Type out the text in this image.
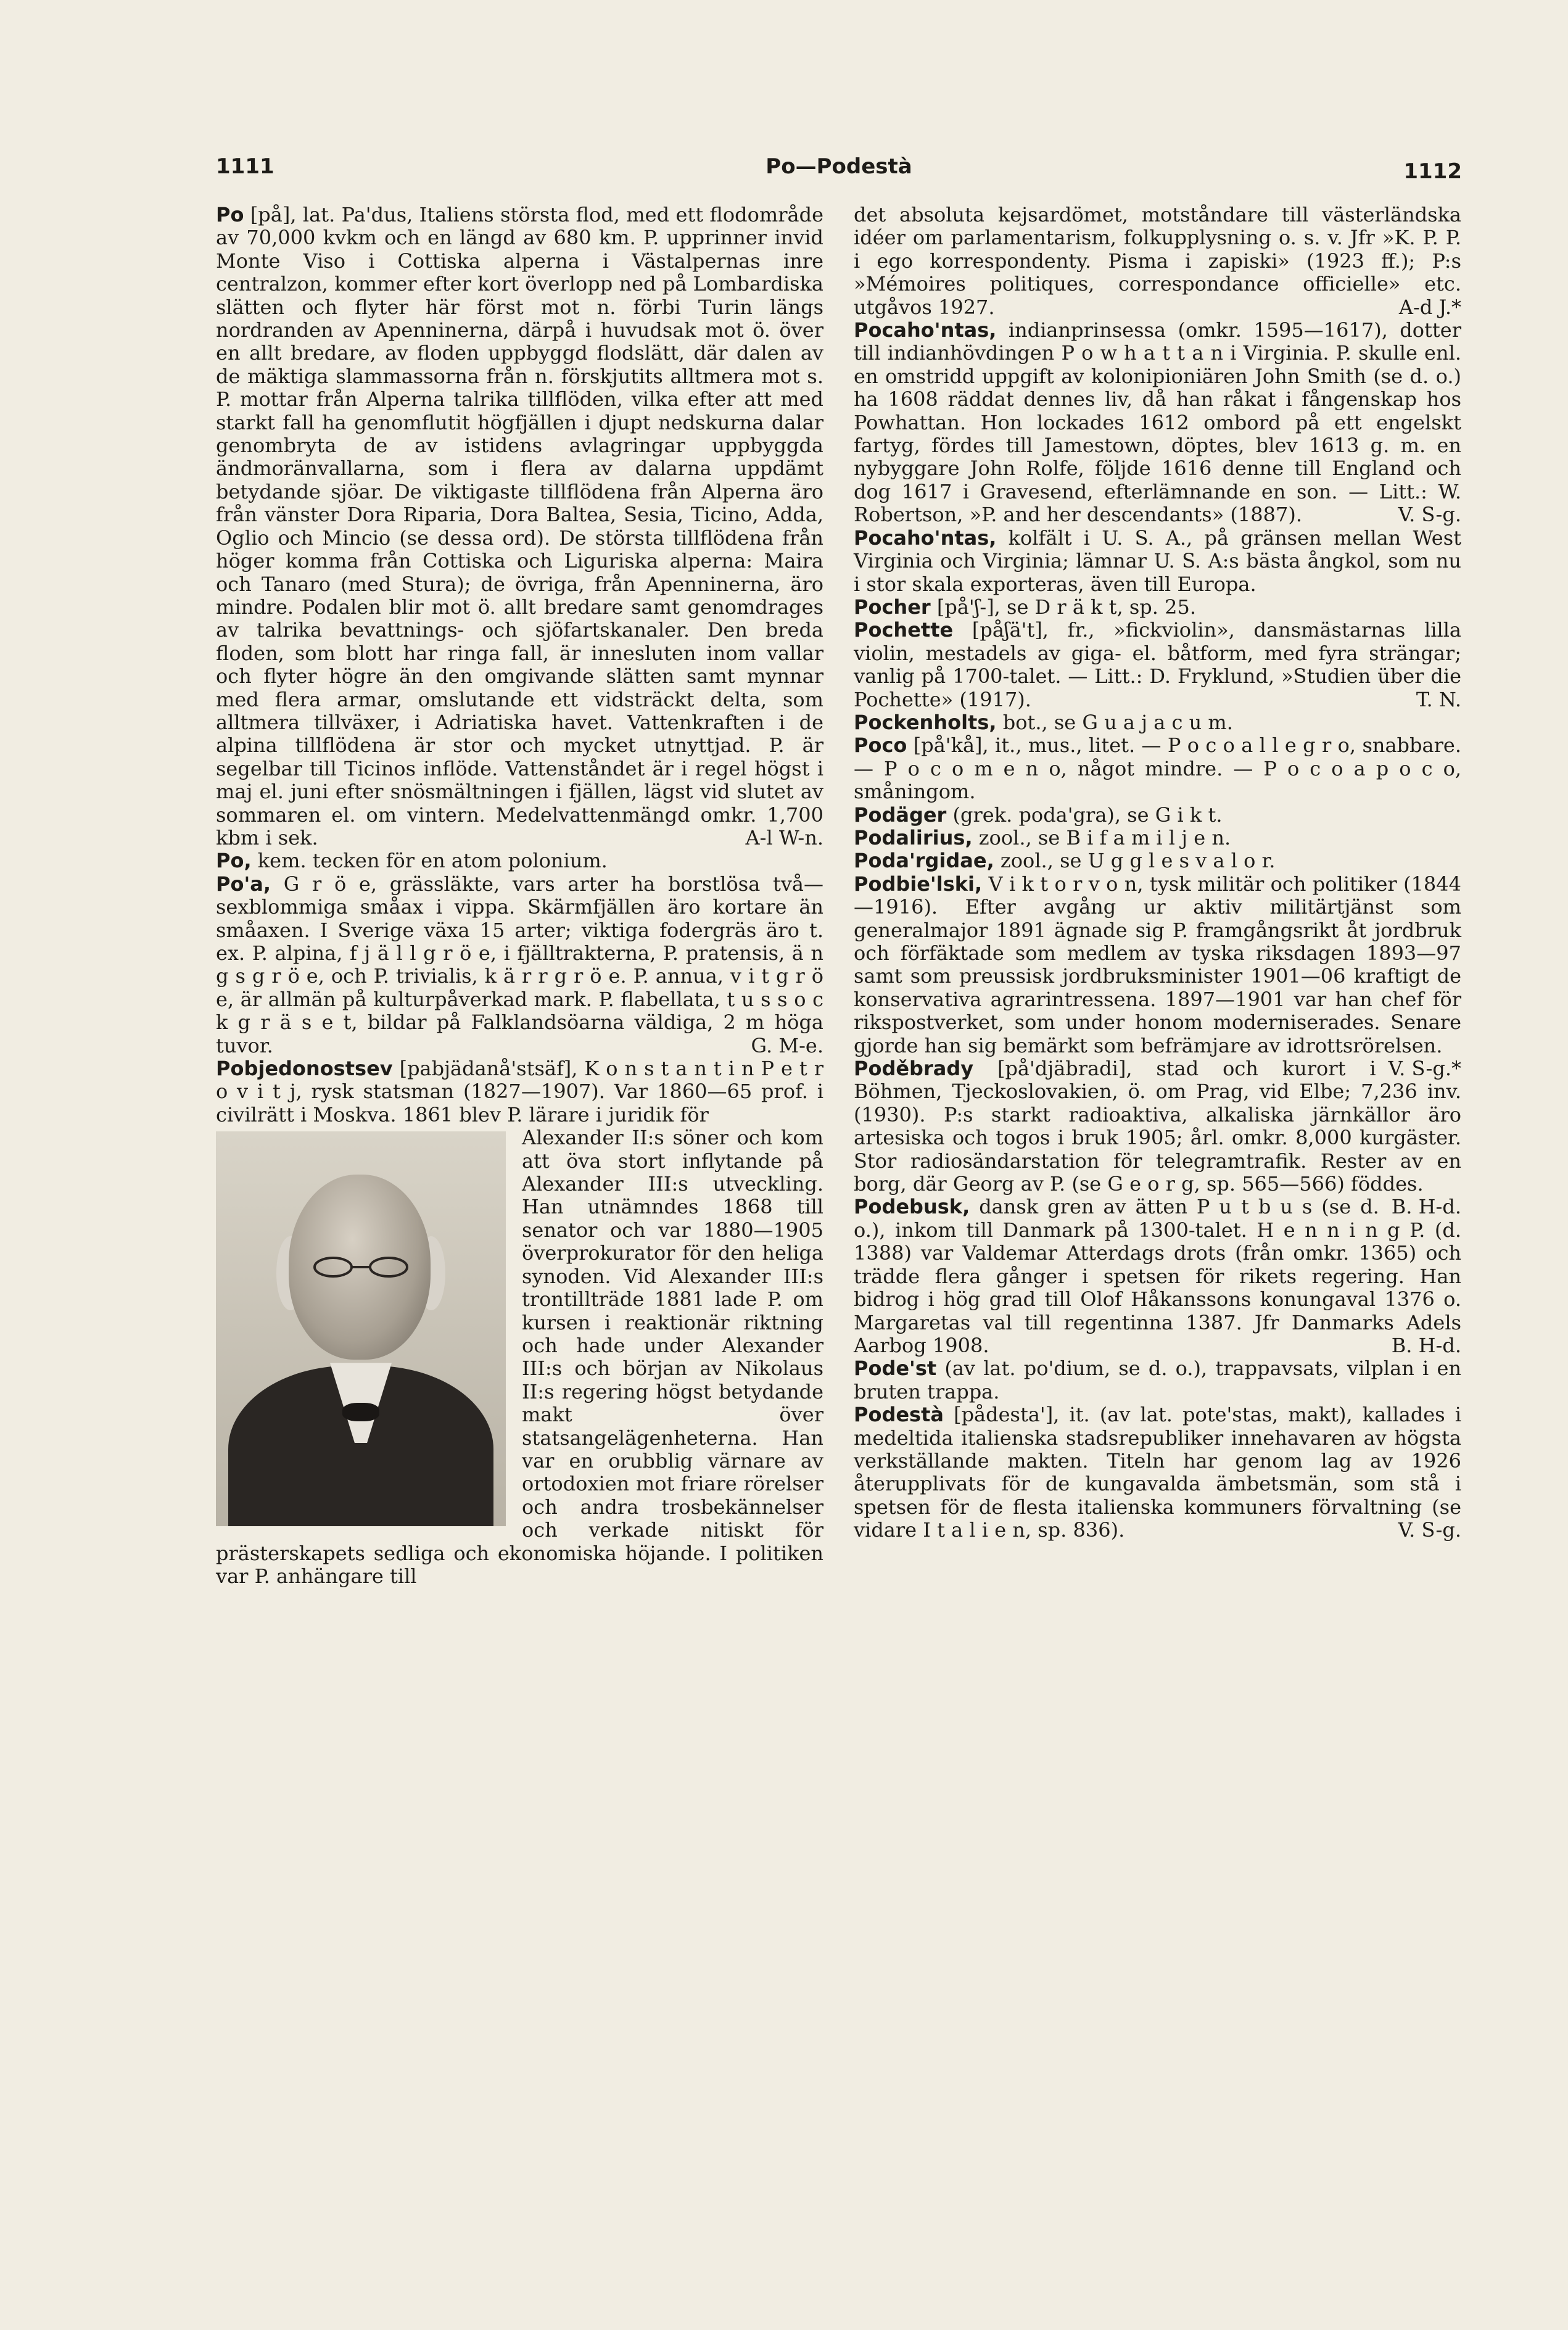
1111	Po—Podestà	1112

Po [på], lat. Pa'dus, Italiens största flod, med ett flodområde av 70,000 kvkm och en längd av 680 km. P. upprinner invid Monte Viso i Cottiska alperna i Västalpernas inre centralzon, kommer efter kort överlopp ned på Lombardiska slätten och flyter här först mot n. förbi Turin längs nordranden av Apenninerna, därpå i huvudsak mot ö. över en allt bredare, av floden uppbyggd flodslätt, där dalen av de mäktiga slammassorna från n. förskjutits alltmera mot s. P. mottar från Alperna talrika tillflöden, vilka efter att med starkt fall ha genomflutit högfjällen i djupt nedskurna dalar genombryta de av istidens avlagringar uppbyggda ändmoränvallarna, som i flera av dalarna uppdämt betydande sjöar. De viktigaste tillflödena från Alperna äro från vänster Dora Riparia, Dora Baltea, Sesia, Ticino, Adda, Oglio och Mincio (se dessa ord). De största tillflödena från höger komma från Cottiska och Liguriska alperna: Maira och Tanaro (med Stura); de övriga, från Apenninerna, äro mindre. Podalen blir mot ö. allt bredare samt genomdrages av talrika bevattnings- och sjöfartskanaler. Den breda floden, som blott har ringa fall, är innesluten inom vallar och flyter högre än den omgivande slätten samt mynnar med flera armar, omslutande ett vidsträckt delta, som alltmera tillväxer, i Adriatiska havet. Vattenkraften i de alpina tillflödena är stor och mycket utnyttjad. P. är segelbar till Ticinos inflöde. Vattenståndet är i regel högst i maj el. juni efter snösmältningen i fjällen, lägst vid slutet av sommaren el. om vintern. Medelvattenmängd omkr. 1,700 kbm i sek.	A-l W-n.

Po, kem. tecken för en atom polonium.

Po'a, G r ö e, grässläkte, vars arter ha borstlösa två—sexblommiga småax i vippa. Skärmfjällen äro kortare än småaxen. I Sverige växa 15 arter; viktiga fodergräs äro t. ex. P. alpina, f j ä l l g r ö e, i fjälltrakterna, P. pratensis, ä n g s g r ö e, och P. trivialis, k ä r r g r ö e. P. annua, v i t g r ö e, är allmän på kulturpåverkad mark. P. flabellata, t u s s o c k g r ä s e t, bildar på Falklandsöarna väldiga, 2 m höga tuvor.	G. M-e.

Pobjedonostsev [pabjädanå'stsäf], K o n s t a n t i n P e t r o v i t j, rysk statsman (1827—1907). Var 1860—65 prof. i civilrätt i Moskva. 1861 blev P. lärare i juridik för

Alexander II:s söner och kom att öva stort inflytande på Alexander III:s utveckling. Han utnämndes 1868 till senator och var 1880—1905 överprokurator för den heliga synoden. Vid Alexander III:s trontillträde 1881 lade P. om kursen i reaktionär riktning och hade under Alexander III:s och början av Nikolaus II:s regering högst betydande makt över statsangelägenheterna. Han var en orubblig värnare av ortodoxien mot friare rörelser och andra trosbekännelser och verkade nitiskt för prästerskapets sedliga och ekonomiska höjande. I politiken var P. anhängare till

det absoluta kejsardömet, motståndare till västerländska idéer om parlamentarism, folkupplysning o. s. v. Jfr »K. P. P. i ego korrespondenty. Pisma i zapiski» (1923 ff.); P:s »Mémoires politiques, correspondance officielle» etc. utgåvos 1927.	A-d J.*

Pocaho'ntas, indianprinsessa (omkr. 1595—1617), dotter till indianhövdingen P o w h a t t a n i Virginia. P. skulle enl. en omstridd uppgift av kolonipioniären John Smith (se d. o.) ha 1608 räddat dennes liv, då han råkat i fångenskap hos Powhattan. Hon lockades 1612 ombord på ett engelskt fartyg, fördes till Jamestown, döptes, blev 1613 g. m. en nybyggare John Rolfe, följde 1616 denne till England och dog 1617 i Gravesend, efterlämnande en son. — Litt.: W. Robertson, »P. and her descendants» (1887).	V. S-g.

Pocaho'ntas, kolfält i U. S. A., på gränsen mellan West Virginia och Virginia; lämnar U. S. A:s bästa ångkol, som nu i stor skala exporteras, även till Europa.

Pocher [på'ʃ-], se D r ä k t, sp. 25.

Pochette [påʃä't], fr., »fickviolin», dansmästarnas lilla violin, mestadels av giga- el. båtform, med fyra strängar; vanlig på 1700-talet. — Litt.: D. Fryklund, »Studien über die Pochette» (1917).	T. N.

Pockenholts, bot., se G u a j a c u m.

Poco [på'kå], it., mus., litet. — P o c o a l l e g r o, snabbare. — P o c o m e n o, något mindre. — P o c o a p o c o, småningom.

Podäger (grek. poda'gra), se G i k t.

Podalirius, zool., se B i f a m i l j e n.

Poda'rgidae, zool., se U g g l e s v a l o r.

Podbie'lski, V i k t o r v o n, tysk militär och politiker (1844—1916). Efter avgång ur aktiv militärtjänst som generalmajor 1891 ägnade sig P. framgångsrikt åt jordbruk och förfäktade som medlem av tyska riksdagen 1893—97 samt som preussisk jordbruksminister 1901—06 kraftigt de konservativa agrarintressena. 1897—1901 var han chef för rikspostverket, som under honom moderniserades. Senare gjorde han sig bemärkt som befrämjare av idrottsrörelsen.
V. S-g.*

Poděbrady [på'djäbradi], stad och kurort i Böhmen, Tjeckoslovakien, ö. om Prag, vid Elbe; 7,236 inv. (1930). P:s starkt radioaktiva, alkaliska järnkällor äro artesiska och togos i bruk 1905; årl. omkr. 8,000 kurgäster. Stor radiosändarstation för telegramtrafik. Rester av en borg, där Georg av P. (se G e o r g, sp. 565—566) föddes.
B. H-d.

Podebusk, dansk gren av ätten P u t b u s (se d. o.), inkom till Danmark på 1300-talet. H e n n i n g P. (d. 1388) var Valdemar Atterdags drots (från omkr. 1365) och trädde flera gånger i spetsen för rikets regering. Han bidrog i hög grad till Olof Håkanssons konungaval 1376 o. Margaretas val till regentinna 1387. Jfr Danmarks Adels Aarbog 1908.	B. H-d.

Pode'st (av lat. po'dium, se d. o.), trappavsats, vilplan i en bruten trappa.

Podestà [pådesta'], it. (av lat. pote'stas, makt), kallades i medeltida italienska stadsrepubliker innehavaren av högsta verkställande makten. Titeln har genom lag av 1926 återupplivats för de kungavalda ämbetsmän, som stå i spetsen för de flesta italienska kommuners förvaltning (se vidare I t a l i e n, sp. 836).	V. S-g.
